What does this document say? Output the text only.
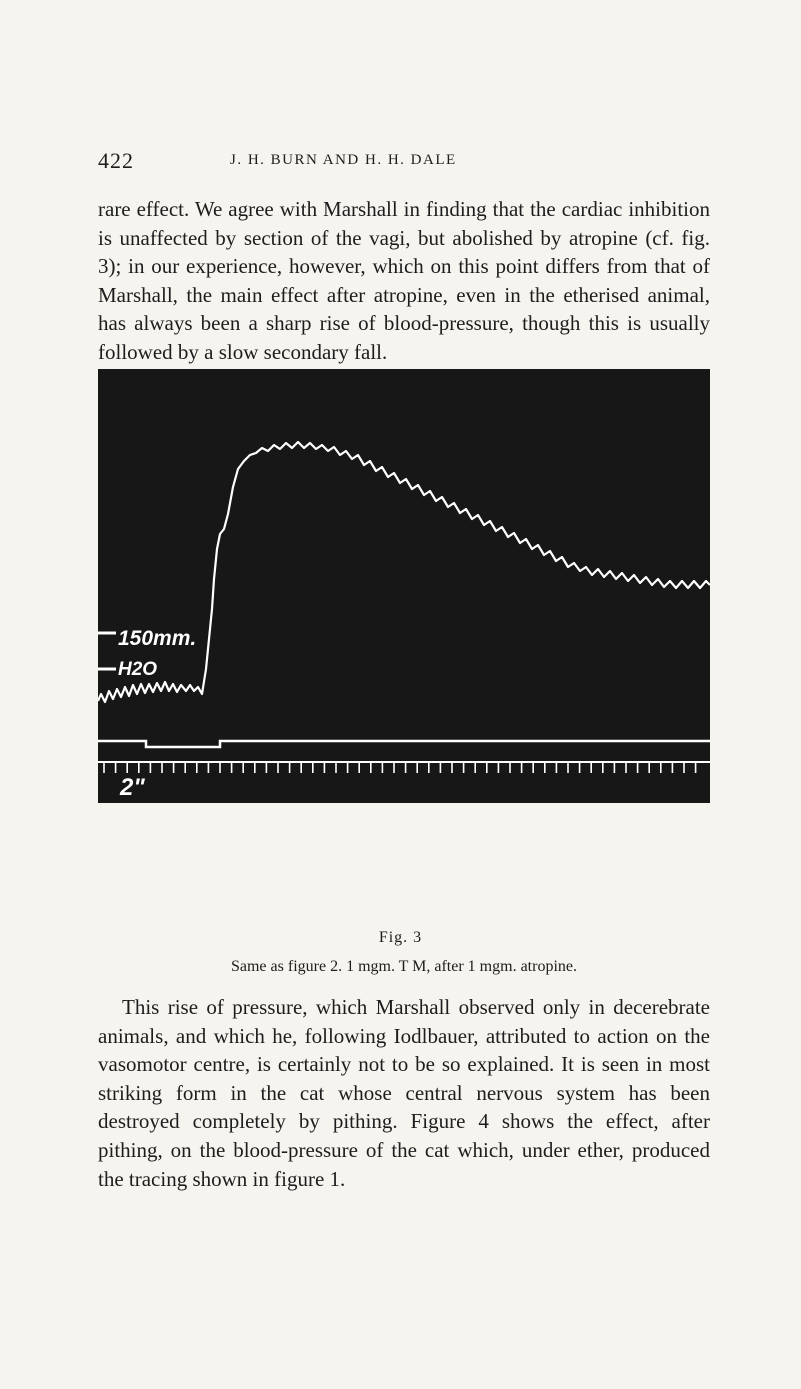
422	J. H. BURN AND H. H. DALE

rare effect. We agree with Marshall in finding that the cardiac inhibition is unaffected by section of the vagi, but abolished by atropine (cf. fig. 3); in our experience, however, which on this point differs from that of Marshall, the main effect after atropine, even in the etherised animal, has always been a sharp rise of blood-pressure, though this is usually followed by a slow secondary fall.

150mm.
H2O
2"

Fig. 3

Same as figure 2. 1 mgm. T M, after 1 mgm. atropine.

This rise of pressure, which Marshall observed only in decerebrate animals, and which he, following Iodlbauer, attributed to action on the vasomotor centre, is certainly not to be so explained. It is seen in most striking form in the cat whose central nervous system has been destroyed completely by pithing. Figure 4 shows the effect, after pithing, on the blood-pressure of the cat which, under ether, produced the tracing shown in figure 1.
